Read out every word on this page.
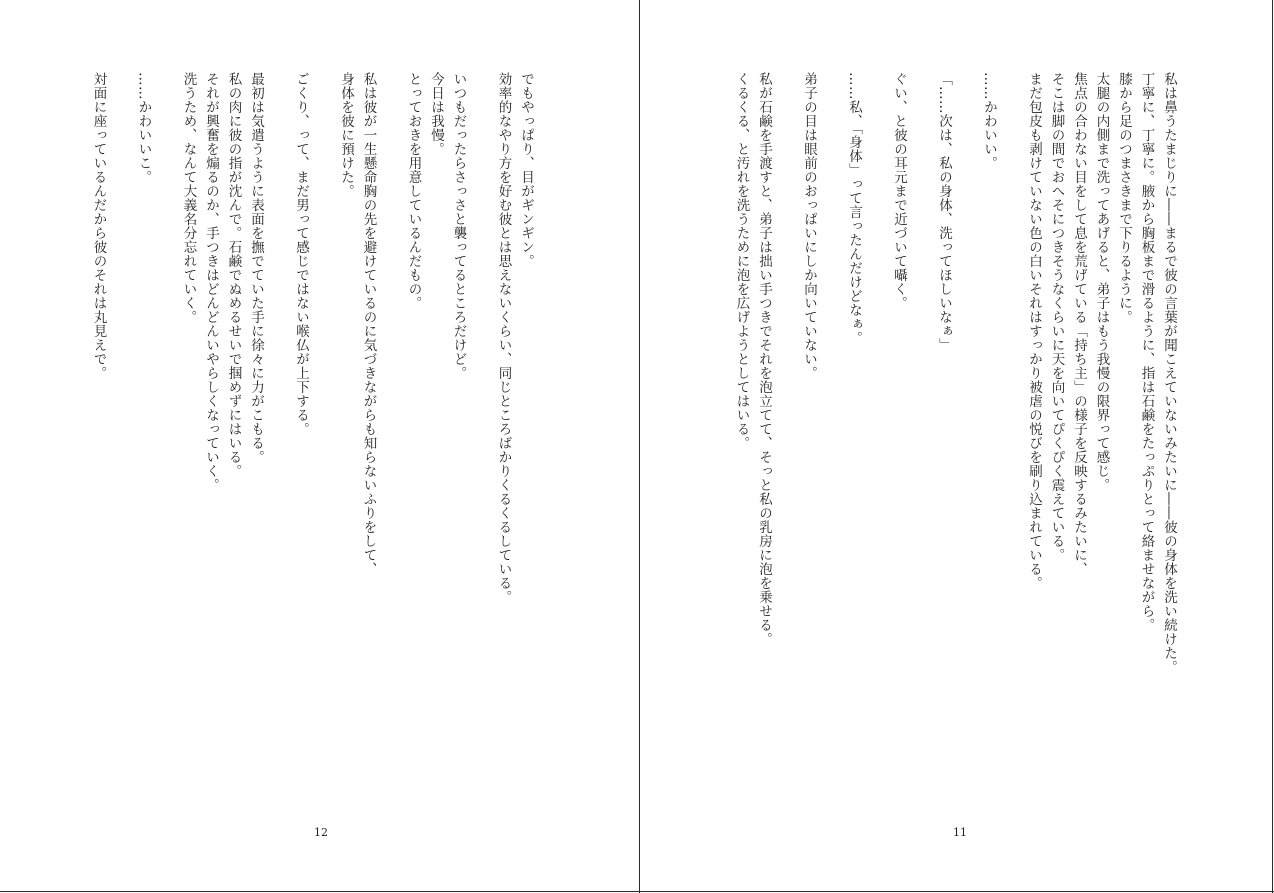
でもやっぱり、目がギンギン。
効率的なやり方を好む彼とは思えないくらい、同じところばかりくるくるしている。
いつもだったらさっさと襲ってるところだけど。
今日は我慢。
とっておきを用意しているんだもの。
私は彼が一生懸命胸の先を避けているのに気づきながらも知らないふりをして、
身体を彼に預けた。
ごくり、って、まだ男って感じではない喉仏が上下する。
最初は気遣うように表面を撫でていた手に徐々に力がこもる。
私の肉に彼の指が沈んで。石鹸でぬめるせいで掴めずにはいる。
それが興奮を煽るのか、手つきはどんどんいやらしくなっていく。
洗うため、なんて大義名分忘れていく。
……かわいいこ。
対面に座っているんだから彼のそれは丸見えで。
12
私は鼻うたまじりに――まるで彼の言葉が聞こえていないみたいに――彼の身体を洗い続けた。
丁寧に、丁寧に。腋から胸板まで滑るように、指は石鹸をたっぷりとって絡ませながら。
膝から足のつまさきまで下りるように。
太腿の内側まで洗ってあげると、弟子はもう我慢の限界って感じ。
焦点の合わない目をして息を荒げている「持ち主」の様子を反映するみたいに、
そこは脚の間でおへそにつきそうなくらいに天を向いてぴくぴく震えている。
まだ包皮も剥けていない色の白いそれはすっかり被虐の悦びを刷り込まれている。
……かわいい。
「……次は、私の身体、洗ってほしいなぁ」
ぐい、と彼の耳元まで近づいて囁く。
……私、「身体」って言ったんだけどなぁ。
弟子の目は眼前のおっぱいにしか向いていない。
私が石鹸を手渡すと、弟子は拙い手つきでそれを泡立てて、そっと私の乳房に泡を乗せる。
くるくる、と汚れを洗うために泡を広げようとしてはいる。
11
